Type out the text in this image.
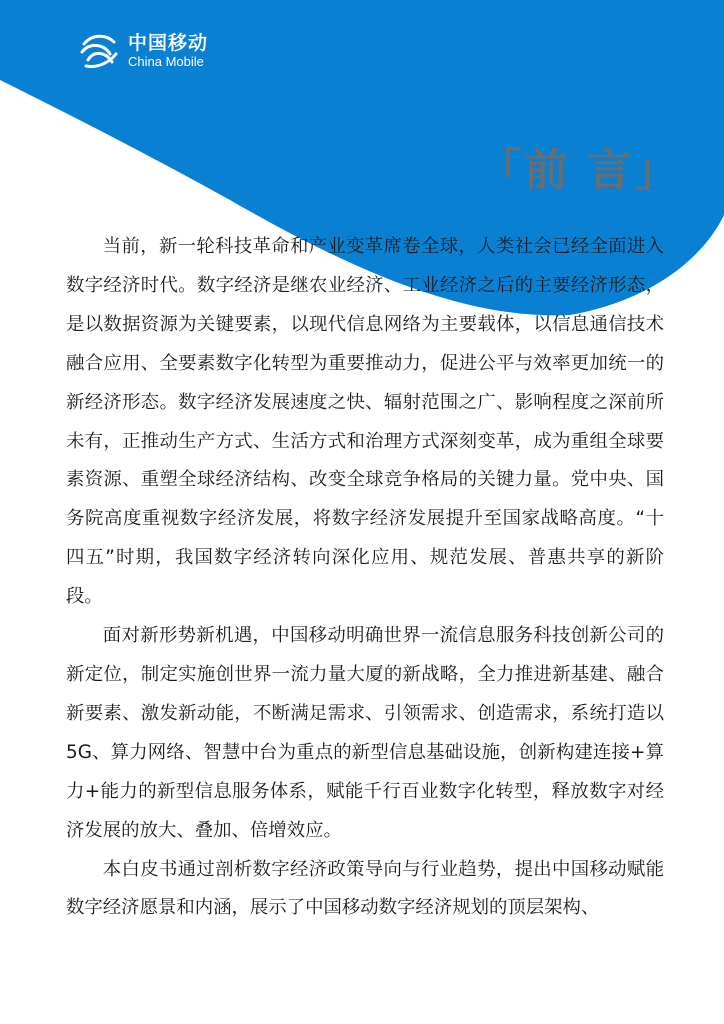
中国移动
China Mobile
「前 言」

当前，新一轮科技革命和产业变革席卷全球，人类社会已经全面进入数字经济时代。数字经济是继农业经济、工业经济之后的主要经济形态，是以数据资源为关键要素，以现代信息网络为主要载体，以信息通信技术融合应用、全要素数字化转型为重要推动力，促进公平与效率更加统一的新经济形态。数字经济发展速度之快、辐射范围之广、影响程度之深前所未有，正推动生产方式、生活方式和治理方式深刻变革，成为重组全球要素资源、重塑全球经济结构、改变全球竞争格局的关键力量。党中央、国务院高度重视数字经济发展，将数字经济发展提升至国家战略高度。“十四五”时期，我国数字经济转向深化应用、规范发展、普惠共享的新阶段。

面对新形势新机遇，中国移动明确世界一流信息服务科技创新公司的新定位，制定实施创世界一流力量大厦的新战略，全力推进新基建、融合新要素、激发新动能，不断满足需求、引领需求、创造需求，系统打造以 5G、算力网络、智慧中台为重点的新型信息基础设施，创新构建连接+算力+能力的新型信息服务体系，赋能千行百业数字化转型，释放数字对经济发展的放大、叠加、倍增效应。

本白皮书通过剖析数字经济政策导向与行业趋势，提出中国移动赋能数字经济愿景和内涵，展示了中国移动数字经济规划的顶层架构、
